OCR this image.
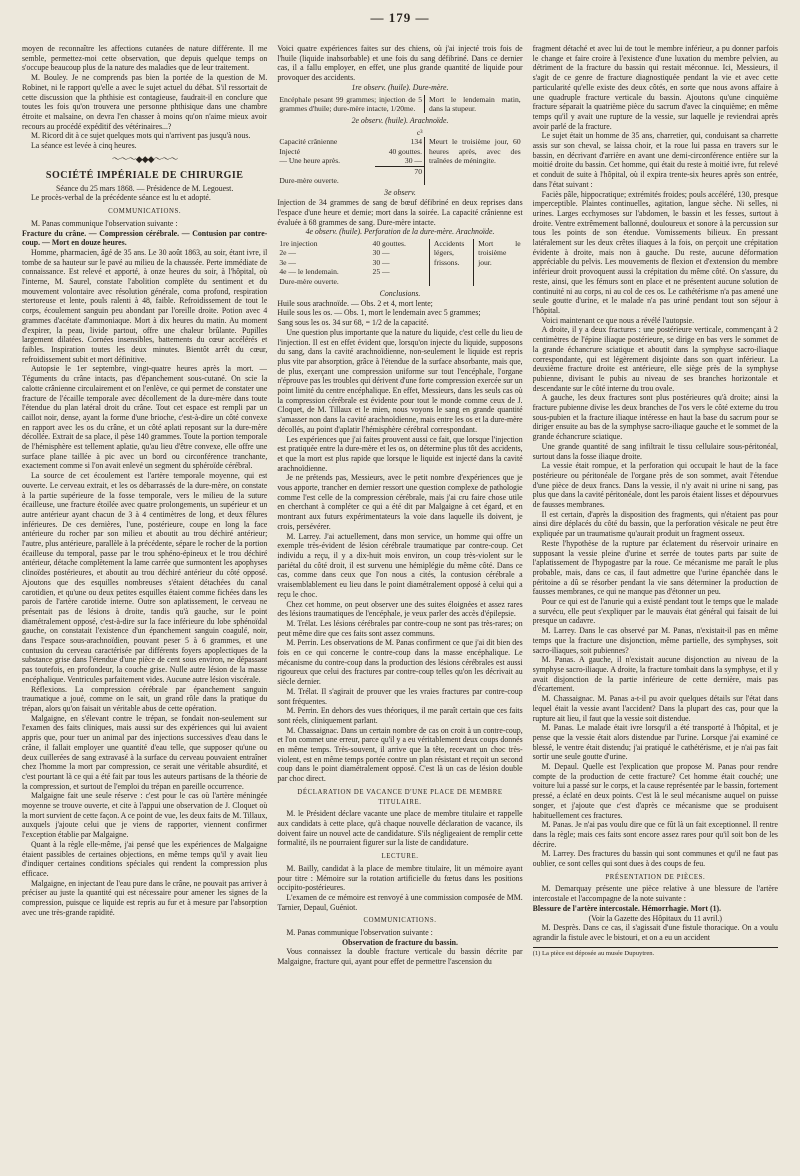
— 179 —

moyen de reconnaître les affections cutanées de nature différente. Il me semble, permettez-moi cette observation, que depuis quelque temps on s'occupe beaucoup plus de la nature des maladies que de leur traitement.

M. Bouley. Je ne comprends pas bien la portée de la question de M. Robinet, ni le rapport qu'elle a avec le sujet actuel du débat. S'il ressortait de cette discussion que la phthisie est contagieuse, faudrait-il en conclure que toutes les fois qu'on trouvera une personne phthisique dans une chambre étroite et malsaine, on devra l'en chasser à moins qu'on n'aime mieux avoir recours au procédé expéditif des vétérinaires...?

M. Ricord dit à ce sujet quelques mots qui n'arrivent pas jusqu'à nous.

La séance est levée à cinq heures.

～～～◆◆◆～～～
SOCIÉTÉ IMPÉRIALE DE CHIRURGIE

Séance du 25 mars 1868. — Présidence de M. Legouest.

Le procès-verbal de la précédente séance est lu et adopté.

COMMUNICATIONS.

M. Panas communique l'observation suivante :

Fracture du crâne. — Compression cérébrale. — Contusion par contre-coup. — Mort en douze heures.

Homme, pharmacien, âgé de 35 ans. Le 30 août 1863, au soir, étant ivre, il tombe de sa hauteur sur le pavé au milieu de la chaussée. Perte immédiate de connaissance. Est relevé et apporté, à onze heures du soir, à l'hôpital, où l'interne, M. Saurel, constate l'abolition complète du sentiment et du mouvement volontaire avec résolution générale, coma profond, respiration stertoreuse et lente, pouls ralenti à 48, faible. Refroidissement de tout le corps, écoulement sanguin peu abondant par l'oreille droite. Potion avec 4 grammes d'acétate d'ammoniaque. Mort à dix heures du matin. Au moment d'expirer, la peau, livide partout, offre une chaleur brûlante. Pupilles largement dilatées. Cornées insensibles, battements du cœur accélérés et faibles. Inspiration toutes les deux minutes. Bientôt arrêt du cœur, refroidissement subit et mort définitive.

Autopsie le 1er septembre, vingt-quatre heures après la mort. — Téguments du crâne intacts, pas d'épanchement sous-cutané. On scie la calotte crânienne circulairement et on l'enlève, ce qui permet de constater une fracture de l'écaille temporale avec décollement de la dure-mère dans toute l'étendue du plan latéral droit du crâne. Tout cet espace est rempli par un caillot noir, dense, ayant la forme d'une brioche, c'est-à-dire un côté convexe en rapport avec les os du crâne, et un côté aplati reposant sur la dure-mère décollée. Extrait de sa place, il pèse 140 grammes. Toute la portion temporale de l'hémisphère est tellement aplatie, qu'au lieu d'être convexe, elle offre une surface plane taillée à pic avec un bord ou circonférence tranchante, exactement comme si l'on avait enlevé un segment du sphéroïde cérébral.

La source de cet écoulement est l'artère temporale moyenne, qui est ouverte. Le cerveau extrait, et les os débarrassés de la dure-mère, on constate à la partie supérieure de la fosse temporale, vers le milieu de la suture écailleuse, une fracture étoilée avec quatre prolongements, un supérieur et un autre antérieur ayant chacun de 3 à 4 centimètres de long, et deux fêlures inférieures. De ces dernières, l'une, postérieure, coupe en long la face antérieure du rocher par son milieu et aboutit au trou déchiré antérieur; l'autre, plus antérieure, parallèle à la précédente, sépare le rocher de la portion écailleuse du temporal, passe par le trou sphéno-épineux et le trou déchiré antérieur, détache complètement la lame carrée que surmontent les apophyses clinoïdes postérieures, et aboutit au trou déchiré antérieur du côté opposé. Ajoutons que des esquilles nombreuses s'étaient détachées du canal carotidien, et qu'une ou deux petites esquilles étaient comme fichées dans les parois de l'artère carotide interne. Outre son aplatissement, le cerveau ne présentait pas de lésions à droite, tandis qu'à gauche, sur le point diamétralement opposé, c'est-à-dire sur la face inférieure du lobe sphénoïdal gauche, on constatait l'existence d'un épanchement sanguin coagulé, noir, dans l'espace sous-arachnoïdien, pouvant peser 5 à 6 grammes, et une contusion du cerveau caractérisée par différents foyers apoplectiques de la substance grise dans l'étendue d'une pièce de cent sous environ, ne dépassant pas toutefois, en profondeur, la couche grise. Nulle autre lésion de la masse encéphalique. Ventricules parfaitement vides. Aucune autre lésion viscérale.

Réflexions. La compression cérébrale par épanchement sanguin traumatique a joué, comme on le sait, un grand rôle dans la pratique du trépan, alors qu'on faisait un véritable abus de cette opération.

Malgaigne, en s'élevant contre le trépan, se fondait non-seulement sur l'examen des faits cliniques, mais aussi sur des expériences qui lui avaient appris que, pour tuer un animal par des injections successives d'eau dans le crâne, il fallait employer une quantité d'eau telle, que supposer qu'une ou deux cuillerées de sang extravasé à la surface du cerveau pouvaient entraîner chez l'homme la mort par compression, ce serait une véritable absurdité, et c'est pourtant là ce qui a été fait par tous les auteurs partisans de la théorie de la compression, et surtout de l'emploi du trépan en pareille occurrence.

Malgaigne fait une seule réserve : c'est pour le cas où l'artère méningée moyenne se trouve ouverte, et cite à l'appui une observation de J. Cloquet où la mort survient de cette façon. A ce point de vue, les deux faits de M. Tillaux, auxquels j'ajoute celui que je viens de rapporter, viennent confirmer l'exception établie par Malgaigne.

Quant à la règle elle-même, j'ai pensé que les expériences de Malgaigne étaient passibles de certaines objections, en même temps qu'il y avait lieu d'indiquer certaines conditions spéciales qui rendent la compression plus efficace.

Malgaigne, en injectant de l'eau pure dans le crâne, ne pouvait pas arriver à préciser au juste la quantité qui est nécessaire pour amener les signes de la compression, puisque ce liquide est repris au fur et à mesure par l'absorption avec une très-grande rapidité.

Voici quatre expériences faites sur des chiens, où j'ai injecté trois fois de l'huile (liquide inabsorbable) et une fois du sang défibriné. Dans ce dernier cas, il a fallu employer, en effet, une plus grande quantité de liquide pour provoquer des accidents.

1re observ. (huile). Dure-mère.

Encéphale pesant 99 grammes; injection de 5 grammes d'huile; dure-mère intacte, 1/20me.	Mort le lendemain matin, dans la stupeur.

2e observ. (huile). Arachnoïde.

	c³	
Capacité crânienne	134	Meurt le troisième jour, 60 heures après, avec des traînées de méningite.
Injecté	40 gouttes.	
— Une heure après.	30 —	
	70	
Dure-mère ouverte.		

3e observ.

Injection de 34 grammes de sang de bœuf défibriné en deux reprises dans l'espace d'une heure et demie; mort dans la soirée. La capacité crânienne est évaluée à 68 grammes de sang. Dure-mère intacte.

4e observ. (huile). Perforation de la dure-mère. Arachnoïde.

1re injection	40 gouttes.	Accidents légers, frissons.	Mort le troisième jour.
2e —	30 —		
3e —	30 —		
4e — le lendemain.	25 —		
Dure-mère ouverte.			

Conclusions.

Huile sous arachnoïde. — Obs. 2 et 4, mort lente;

Huile sous les os. — Obs. 1, mort le lendemain avec 5 grammes;

Sang sous les os. 34 sur 68, = 1/2 de la capacité.

Une question plus importante que la nature du liquide, c'est celle du lieu de l'injection. Il est en effet évident que, lorsqu'on injecte du liquide, supposons du sang, dans la cavité arachnoïdienne, non-seulement le liquide est repris plus vite par absorption, grâce à l'étendue de la surface absorbante, mais que, de plus, exerçant une compression uniforme sur tout l'encéphale, l'organe n'éprouve pas les troubles qui dérivent d'une forte compression exercée sur un point limité du centre encéphalique. En effet, Messieurs, dans les seuls cas où la compression cérébrale est évidente pour tout le monde comme ceux de J. Cloquet, de M. Tillaux et le mien, nous voyons le sang en grande quantité s'amasser non dans la cavité arachnoïdienne, mais entre les os et la dure-mère décollés, au point d'aplatir l'hémisphère cérébral correspondant.

Les expériences que j'ai faites prouvent aussi ce fait, que lorsque l'injection est pratiquée entre la dure-mère et les os, on détermine plus tôt des accidents, et que la mort est plus rapide que lorsque le liquide est injecté dans la cavité arachnoïdienne.

Je ne prétends pas, Messieurs, avec le petit nombre d'expériences que je vous apporte, trancher en dernier ressort une question complexe de pathologie comme l'est celle de la compression cérébrale, mais j'ai cru faire chose utile en cherchant à compléter ce qui a été dit par Malgaigne à cet égard, et en montrant aux futurs expérimentateurs la voie dans laquelle ils doivent, je crois, persévérer.

M. Larrey. J'ai actuellement, dans mon service, un homme qui offre un exemple très-évident de lésion cérébrale traumatique par contre-coup. Cet individu a reçu, il y a dix-huit mois environ, un coup très-violent sur le pariétal du côté droit, il est survenu une hémiplégie du même côté. Dans ce cas, comme dans ceux que l'on nous a cités, la contusion cérébrale a vraisemblablement eu lieu dans le point diamétralement opposé à celui qui a reçu le choc.

Chez cet homme, on peut observer une des suites éloignées et assez rares des lésions traumatiques de l'encéphale, je veux parler des accès d'épilepsie.

M. Trélat. Les lésions cérébrales par contre-coup ne sont pas très-rares; on peut même dire que ces faits sont assez communs.

M. Perrin. Les observations de M. Panas confirment ce que j'ai dit bien des fois en ce qui concerne le contre-coup dans la masse encéphalique. Le mécanisme du contre-coup dans la production des lésions cérébrales est aussi rigoureux que celui des fractures par contre-coup telles qu'on les décrivait au siècle dernier.

M. Trélat. Il s'agirait de prouver que les vraies fractures par contre-coup sont fréquentes.

M. Perrin. En dehors des vues théoriques, il me paraît certain que ces faits sont réels, cliniquement parlant.

M. Chassaignac. Dans un certain nombre de cas on croit à un contre-coup, et l'on commet une erreur, parce qu'il y a eu véritablement deux coups donnés en même temps. Très-souvent, il arrive que la tête, recevant un choc très-violent, est en même temps portée contre un plan résistant et reçoit un second coup dans le point diamétralement opposé. C'est là un cas de lésion double par choc direct.

DÉCLARATION DE VACANCE D'UNE PLACE DE MEMBRE TITULAIRE.

M. le Président déclare vacante une place de membre titulaire et rappelle aux candidats à cette place, qu'à chaque nouvelle déclaration de vacance, ils doivent faire un nouvel acte de candidature. S'ils négligeaient de remplir cette formalité, ils ne pourraient figurer sur la liste de candidature.

LECTURE.

M. Bailly, candidat à la place de membre titulaire, lit un mémoire ayant pour titre : Mémoire sur la rotation artificielle du fœtus dans les positions occipito-postérieures.

L'examen de ce mémoire est renvoyé à une commission composée de MM. Tarnier, Depaul, Guéniot.

COMMUNICATIONS.

M. Panas communique l'observation suivante :

Observation de fracture du bassin.

Vous connaissez la double fracture verticale du bassin décrite par Malgaigne, fracture qui, ayant pour effet de permettre l'ascension du

fragment détaché et avec lui de tout le membre inférieur, a pu donner parfois le change et faire croire à l'existence d'une luxation du membre pelvien, au détriment de la fracture du bassin qui restait méconnue. Ici, Messieurs, il s'agit de ce genre de fracture diagnostiquée pendant la vie et avec cette particularité qu'elle existe des deux côtés, en sorte que nous avons affaire à une quadruple fracture verticale du bassin. Ajoutons qu'une cinquième fracture séparait la quatrième pièce du sacrum d'avec la cinquième; en même temps qu'il y avait une rupture de la vessie, sur laquelle je reviendrai après avoir parlé de la fracture.

Le sujet était un homme de 35 ans, charretier, qui, conduisant sa charrette assis sur son cheval, se laissa choir, et la roue lui passa en travers sur le bassin, en décrivant d'arrière en avant une demi-circonférence entière sur la moitié droite du bassin. Cet homme, qui était du reste à moitié ivre, fut relevé et conduit de suite à l'hôpital, où il expira trente-six heures après son entrée, dans l'état suivant :

Faciès pâle, hippocratique; extrémités froides; pouls accéléré, 130, presque imperceptible. Plaintes continuelles, agitation, langue sèche. Ni selles, ni urines. Larges ecchymoses sur l'abdomen, le bassin et les fesses, surtout à droite. Ventre extrêmement ballonné, douloureux et sonore à la percussion sur tous les points de son étendue. Vomissements bilieux. En pressant latéralement sur les deux crêtes iliaques à la fois, on perçoit une crépitation évidente à droite, mais non à gauche. Du reste, aucune déformation appréciable du pelvis. Les mouvements de flexion et d'extension du membre inférieur droit provoquent aussi la crépitation du même côté. On s'assure, du reste, ainsi, que les fémurs sont en place et ne présentent aucune solution de continuité ni au corps, ni au col de ces os. Le cathétérisme n'a pas amené une seule goutte d'urine, et le malade n'a pas uriné pendant tout son séjour à l'hôpital.

Voici maintenant ce que nous a révélé l'autopsie.

A droite, il y a deux fractures : une postérieure verticale, commençant à 2 centimètres de l'épine iliaque postérieure, se dirige en bas vers le sommet de la grande échancrure sciatique et aboutit dans la symphyse sacro-iliaque correspondante, qui est légèrement disjointe dans son quart inférieur. La deuxième fracture droite est antérieure, elle siège près de la symphyse pubienne, divisant le pubis au niveau de ses branches horizontale et descendante sur le côté interne du trou ovale.

A gauche, les deux fractures sont plus postérieures qu'à droite; ainsi la fracture pubienne divise les deux branches de l'os vers le côté externe du trou sous-pubien et la fracture iliaque intéresse en haut la base du sacrum pour se diriger ensuite au bas de la symphyse sacro-iliaque gauche et le sommet de la grande échancrure sciatique.

Une grande quantité de sang infiltrait le tissu cellulaire sous-péritonéal, surtout dans la fosse iliaque droite.

La vessie était rompue, et la perforation qui occupait le haut de la face postérieure ou péritonéale de l'organe près de son sommet, avait l'étendue d'une pièce de deux francs. Dans la vessie, il n'y avait ni urine ni sang, pas plus que dans la cavité péritonéale, dont les parois étaient lisses et dépourvues de fausses membranes.

Il est certain, d'après la disposition des fragments, qui n'étaient pas pour ainsi dire déplacés du côté du bassin, que la perforation vésicale ne peut être expliquée par un traumatisme qu'aurait produit un fragment osseux.

Reste l'hypothèse de la rupture par éclatement du réservoir urinaire en supposant la vessie pleine d'urine et serrée de toutes parts par suite de l'aplatissement de l'hypogastre par la roue. Ce mécanisme me paraît le plus probable, mais, dans ce cas, il faut admettre que l'urine épanchée dans le péritoine a dû se résorber pendant la vie sans déterminer la production de fausses membranes, ce qui ne manque pas d'étonner un peu.

Pour ce qui est de l'anurie qui a existé pendant tout le temps que le malade a survécu, elle peut s'expliquer par le mauvais état général qui faisait de lui presque un cadavre.

M. Larrey. Dans le cas observé par M. Panas, n'existait-il pas en même temps que la fracture une disjonction, même partielle, des symphyses, soit sacro-iliaques, soit pubiennes?

M. Panas. A gauche, il n'existait aucune disjonction au niveau de la symphyse sacro-iliaque. A droite, la fracture tombait dans la symphyse, et il y avait disjonction de la partie inférieure de cette dernière, mais pas d'écartement.

M. Chassaignac. M. Panas a-t-il pu avoir quelques détails sur l'état dans lequel était la vessie avant l'accident? Dans la plupart des cas, pour que la rupture ait lieu, il faut que la vessie soit distendue.

M. Panas. Le malade était ivre lorsqu'il a été transporté à l'hôpital, et je pense que la vessie était alors distendue par l'urine. Lorsque j'ai examiné ce blessé, le ventre était distendu; j'ai pratiqué le cathétérisme, et je n'ai pas fait sortir une seule goutte d'urine.

M. Depaul. Quelle est l'explication que propose M. Panas pour rendre compte de la production de cette fracture? Cet homme était couché; une voiture lui a passé sur le corps, et la cause représentée par le bassin, fortement pressé, a éclaté en deux points. C'est là le seul mécanisme auquel on puisse songer, et j'ajoute que c'est d'après ce mécanisme que se produisent habituellement ces fractures.

M. Panas. Je n'ai pas voulu dire que ce fût là un fait exceptionnel. Il rentre dans la règle; mais ces faits sont encore assez rares pour qu'il soit bon de les décrire.

M. Larrey. Des fractures du bassin qui sont communes et qu'il ne faut pas oublier, ce sont celles qui sont dues à des coups de feu.

PRÉSENTATION DE PIÈCES.

M. Demarquay présente une pièce relative à une blessure de l'artère intercostale et l'accompagne de la note suivante :

Blessure de l'artère intercostale. Hémorrhagie. Mort (1).

(Voir la Gazette des Hôpitaux du 11 avril.)

M. Desprès. Dans ce cas, il s'agissait d'une fistule thoracique. On a voulu agrandir la fistule avec le bistouri, et on a eu un accident

(1) La pièce est déposée au musée Dupuytren.
